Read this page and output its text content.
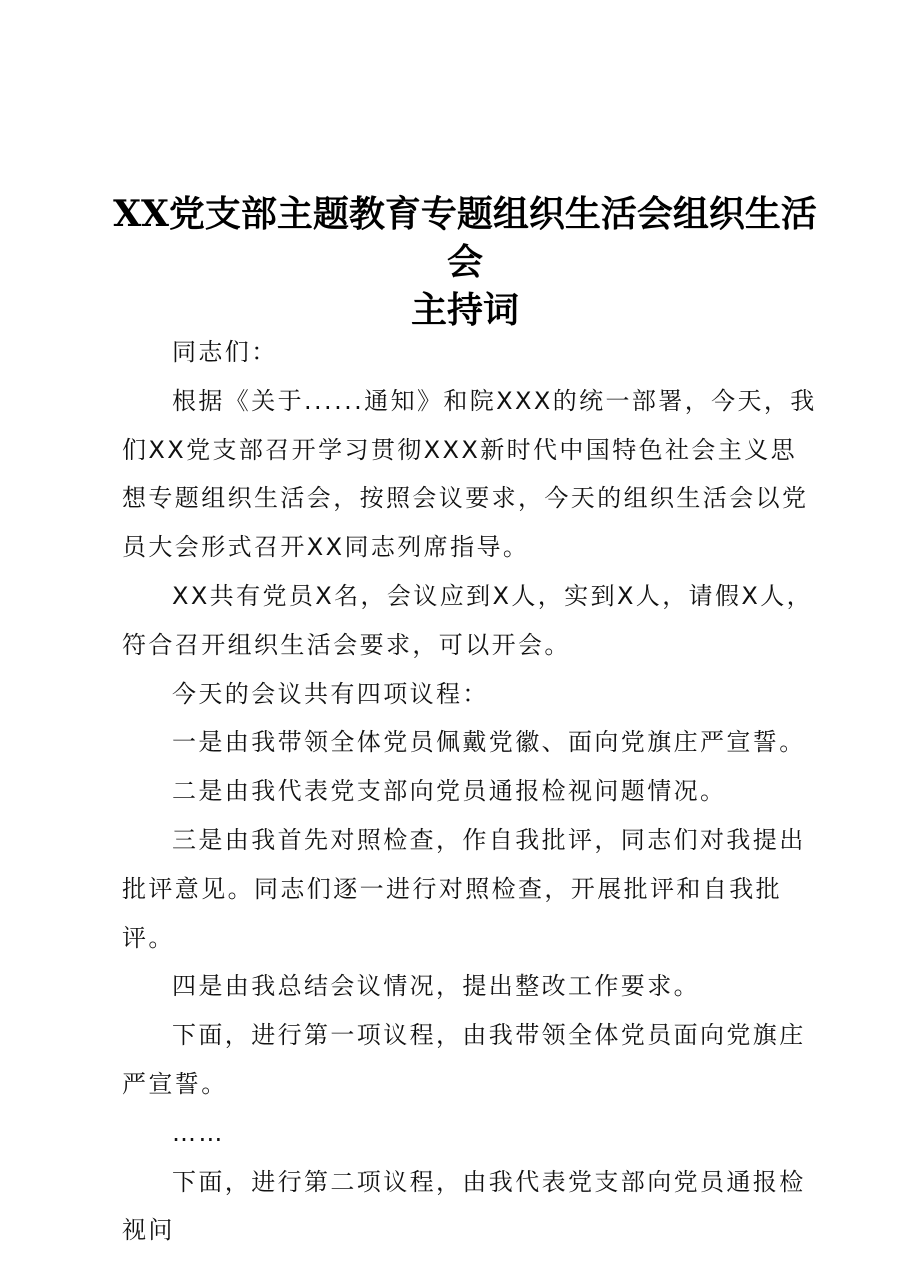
XX党支部主题教育专题组织生活会组织生活会
主持词

同志们：

根据《关于......通知》和院XXX的统一部署，今天，我们XX党支部召开学习贯彻XXX新时代中国特色社会主义思想专题组织生活会，按照会议要求，今天的组织生活会以党员大会形式召开XX同志列席指导。

XX共有党员X名，会议应到X人，实到X人，请假X人，符合召开组织生活会要求，可以开会。

今天的会议共有四项议程：

一是由我带领全体党员佩戴党徽、面向党旗庄严宣誓。

二是由我代表党支部向党员通报检视问题情况。

三是由我首先对照检查，作自我批评，同志们对我提出批评意见。同志们逐一进行对照检查，开展批评和自我批评。

四是由我总结会议情况，提出整改工作要求。

下面，进行第一项议程，由我带领全体党员面向党旗庄严宣誓。

……

下面，进行第二项议程，由我代表党支部向党员通报检视问
